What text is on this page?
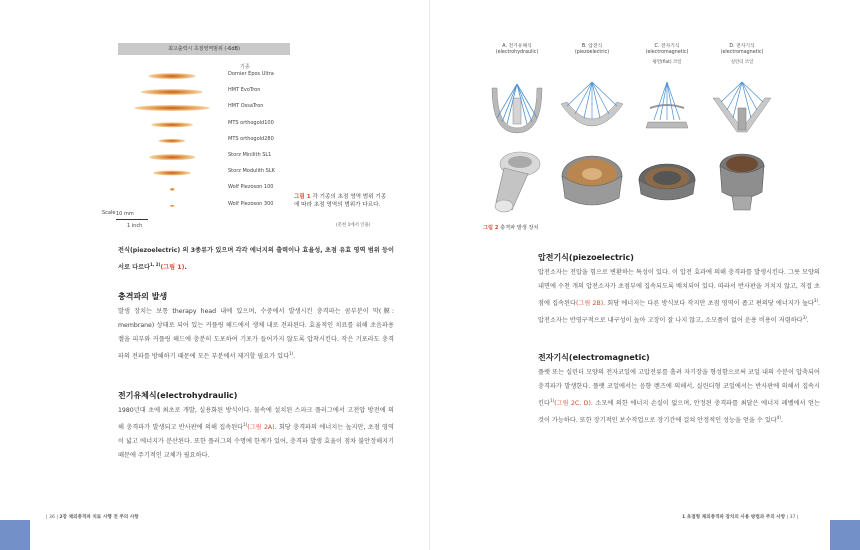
최고출력시 초점영역범위 (-6dB)
기종
Dornier Epos Ultra
HMT EvoTron
HMT OssaTron
MTS orthogold100
MTS orthogold280
Storz Minilith SL1
Storz Modulith SLK
Wolf Piezoson 100
Wolf Piezoson 300
Scale 10 mm
1 inch
그림 1 각 기종의 초점 영역 범위 기종에 따라 초점 영역의 범위가 다르다.
(문헌 1에서 인용)

전식(piezoelectric) 의 3종류가 있으며 각각 에너지의 출력이나 효율성, 초점 유효 영역 범위 등이 서로 다르다$^{1, 2)}$(그림 1).

충격파의 발생

발생 장치는 보통 therapy head 내에 있으며, 수중에서 발생시킨 충격파는 콤부분이 막(膜: membrane) 상태로 되어 있는 커플링 헤드에서 생체 내로 전파된다. 효율적인 치료를 위해 초음파용 젤을 피부와 커플링 헤드에 충분히 도포하여 기포가 들어가지 않도록 압착시킨다. 작은 기포라도 충격파의 전파를 방해하기 때문에 모든 부분에서 제거할 필요가 있다$^{1)}$.

전기유체식(electrohydraulic)

1980년대 초에 최초로 개발, 실용화된 방식이다. 물속에 설치된 스파크 플러그에서 고전압 방전에 의해 충격파가 발생되고 반사판에 의해 집속된다$^{1)}$(그림 2A). 회당 충격파의 에너지는 높지만, 초점 영역이 넓고 에너지가 분산된다. 또한 플러그의 수명에 한계가 있어, 충격파 발생 효율이 점차 불안정해지기 때문에 주기적인 교체가 필요하다.

| 36 | 2장 체외충격파 치료 시행 전 주의 사항
A. 전기유체식
(electrohydraulic)
B. 압전식
(piezoelectric)
C. 전자기식
(electromagnetic)
평면(flat) 코일
D. 전자기식
(electromagnetic)
실린더 코일
그림 2 충격파 발생 장치
압전기식(piezoelectric)

압전소자는 전압을 힘으로 변환하는 특성이 있다. 이 압전 효과에 의해 충격파를 발생시킨다. 그릇 모양의 내면에 수천 개의 압전소자가 초점부에 집속되도록 배치되어 있다. 따라서 반사판을 거치지 않고, 직접 초점에 집속된다(그림 2B). 회당 에너지는 다른 방식보다 작지만 초점 영역이 좁고 편의당 에너지가 높다$^{3)}$. 압전소자는 반영구적으로 내구성이 높아 고장이 잘 나지 않고, 소모품이 없어 운용 비용이 저렴하다$^{3)}$.

전자기식(electromagnetic)

플랫 또는 실린더 모양의 전자코일에 고압전류를 흘려 자기장을 형성함으로써 코일 내의 수분이 압축되어 충격파가 발생한다. 플랫 코일에서는 음향 렌즈에 의해서, 실린더형 코일에서는 반사판에 의해서 집속시킨다$^{1)}$(그림 2C, D). 소모에 의한 에너지 손실이 없으며, 안정된 충격파를 최달은 에너지 레벨에서 얻는 것이 가능하다. 또한 장기적인 보수작업으로 장기간에 걸쳐 안정적인 성능을 얻을 수 있다$^{4)}$.

1 초점형 체외충격파 장치의 사용 방법과 주의 사항 | 37 |
